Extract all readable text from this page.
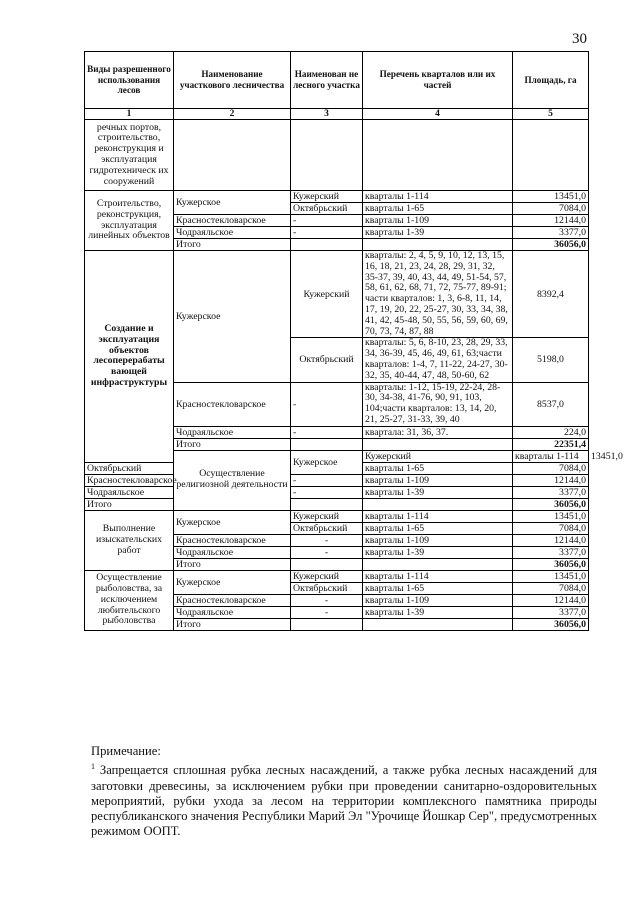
30
Виды разрешенного использования лесов	Наименование участкового лесничества	Наименован не лесного участка	Перечень кварталов или их частей	Площадь, га	
1	2	3	4	5	
речных портов, строительство, реконструкция и эксплуатация гидротехническ их сооружений					
Строительство, реконструкция, эксплуатация линейных объектов	Кужерское	Кужерский	кварталы 1-114	13451,0	
		Октябрьский	кварталы 1-65	7084,0	
	Красностекловарское	-	кварталы 1-109	12144,0	
	Чодраяльское	-	кварталы 1-39	3377,0	
	Итого			36056,0	
Создание и эксплуатация объектов лесоперерабаты вающей инфраструктуры	Кужерское	Кужерский	кварталы: 2, 4, 5, 9, 10, 12, 13, 15, 16, 18, 21, 23, 24, 28, 29, 31, 32, 35-37, 39, 40, 43, 44, 49, 51-54, 57, 58, 61, 62, 68, 71, 72, 75-77, 89-91; части кварталов: 1, 3, 6-8, 11, 14, 17, 19, 20, 22, 25-27, 30, 33, 34, 38, 41, 42, 45-48, 50, 55, 56, 59, 60, 69, 70, 73, 74, 87, 88	8392,4	
		Октябрьский	кварталы: 5, 6, 8-10, 23, 28, 29, 33, 34, 36-39, 45, 46, 49, 61, 63;части кварталов: 1-4, 7, 11-22, 24-27, 30-32, 35, 40-44, 47, 48, 50-60, 62	5198,0	
	Красностекловарское	-	кварталы: 1-12, 15-19, 22-24, 28-30, 34-38, 41-76, 90, 91, 103, 104;части кварталов: 13, 14, 20, 21, 25-27, 31-33, 39, 40	8537,0	
	Чодраяльское	-	квартала: 31, 36, 37.	224,0	
	Итого			22351,4	
	Осуществление религиозной деятельности	Кужерское	Кужерский	кварталы 1-114	13451,0
Октябрьский			кварталы 1-65	7084,0	
Красностекловарское		-	кварталы 1-109	12144,0	
Чодраяльское		-	кварталы 1-39	3377,0	
Итого				36056,0	
Выполнение изыскательских работ	Кужерское	Кужерский	кварталы 1-114	13451,0	
		Октябрьский	кварталы 1-65	7084,0	
	Красностекловарское	-	кварталы 1-109	12144,0	
	Чодраяльское	-	кварталы 1-39	3377,0	
	Итого			36056,0	
Осуществление рыболовства, за исключением любительского рыболовства	Кужерское	Кужерский	кварталы 1-114	13451,0	
		Октябрьский	кварталы 1-65	7084,0	
	Красностекловарское	-	кварталы 1-109	12144,0	
	Чодраяльское	-	кварталы 1-39	3377,0	
	Итого			36056,0	

Примечание:

$^1$ Запрещается сплошная рубка лесных насаждений, а также рубка лесных насаждений для заготовки древесины, за исключением рубки при проведении санитарно-оздоровительных мероприятий, рубки ухода за лесом на территории комплексного памятника природы республиканского значения Республики Марий Эл "Урочище Йошкар Сер", предусмотренных режимом ООПТ.
